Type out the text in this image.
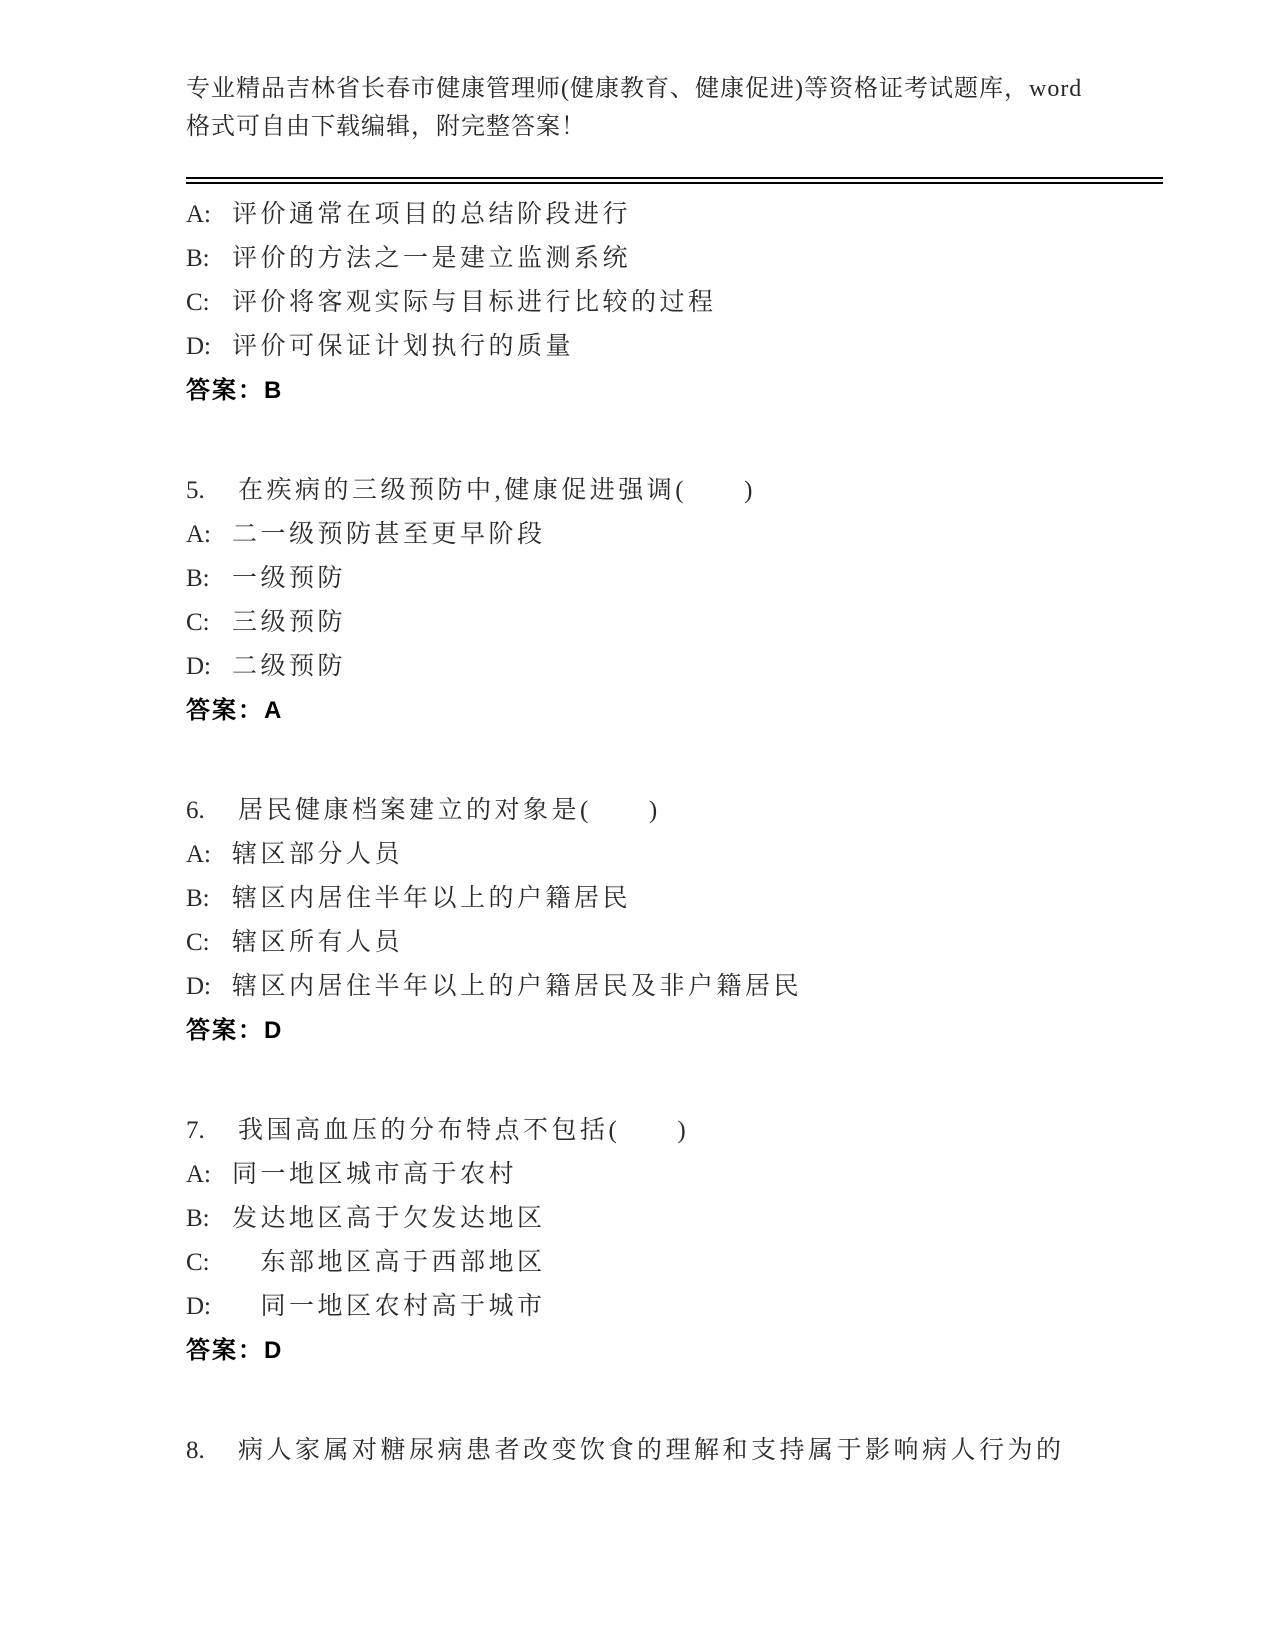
专业精品吉林省长春市健康管理师(健康教育、健康促进)等资格证考试题库，word

格式可自由下载编辑，附完整答案！

A: 评价通常在项目的总结阶段进行

B: 评价的方法之一是建立监测系统

C: 评价将客观实际与目标进行比较的过程

D: 评价可保证计划执行的质量

答案：B

5. 在疾病的三级预防中,健康促进强调(　　)

A: 二一级预防甚至更早阶段

B: 一级预防

C: 三级预防

D: 二级预防

答案：A

6. 居民健康档案建立的对象是(　　)

A: 辖区部分人员

B: 辖区内居住半年以上的户籍居民

C: 辖区所有人员

D: 辖区内居住半年以上的户籍居民及非户籍居民

答案：D

7. 我国高血压的分布特点不包括(　　)

A: 同一地区城市高于农村

B: 发达地区高于欠发达地区

C:　东部地区高于西部地区

D:　同一地区农村高于城市

答案：D

8. 病人家属对糖尿病患者改变饮食的理解和支持属于影响病人行为的
